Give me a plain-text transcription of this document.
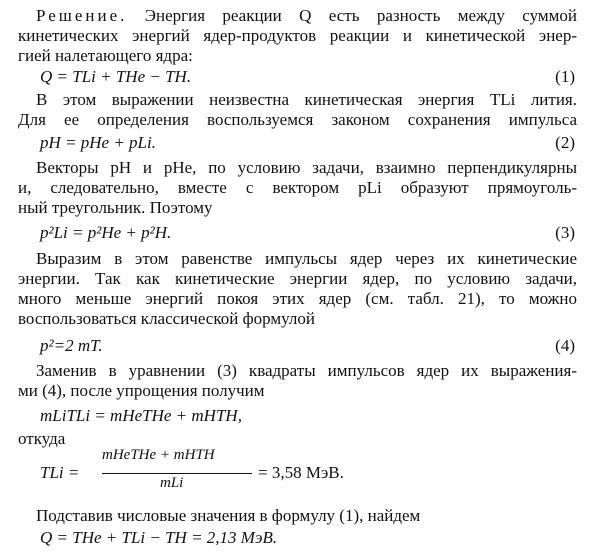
Решение. Энергия реакции Q есть разность между суммой
кинетических энергий ядер-продуктов реакции и кинетической энер-
гией налетающего ядра:
Q = TLi + THe − TH.	(1)
В этом выражении неизвестна кинетическая энергия TLi лития.
Для ее определения воспользуемся законом сохранения импульса
pH = pHe + pLi.	(2)
Векторы pH и pHe, по условию задачи, взаимно перпендикулярны
и, следовательно, вместе с вектором pLi образуют прямоуголь-
ный треугольник. Поэтому
p²Li = p²He + p²H.	(3)
Выразим в этом равенстве импульсы ядер через их кинетические
энергии. Так как кинетические энергии ядер, по условию задачи,
много меньше энергий покоя этих ядер (см. табл. 21), то можно
воспользоваться классической формулой
p²=2 mT.	(4)
Заменив в уравнении (3) квадраты импульсов ядер их выражения-
ми (4), после упрощения получим
mLiTLi = mHeTHe + mHTH,
откуда
TLi =
mHeTHe + mHTH
mLi
= 3,58 МэВ.
Подставив числовые значения в формулу (1), найдем
Q = THe + TLi − TH = 2,13 МэВ.
